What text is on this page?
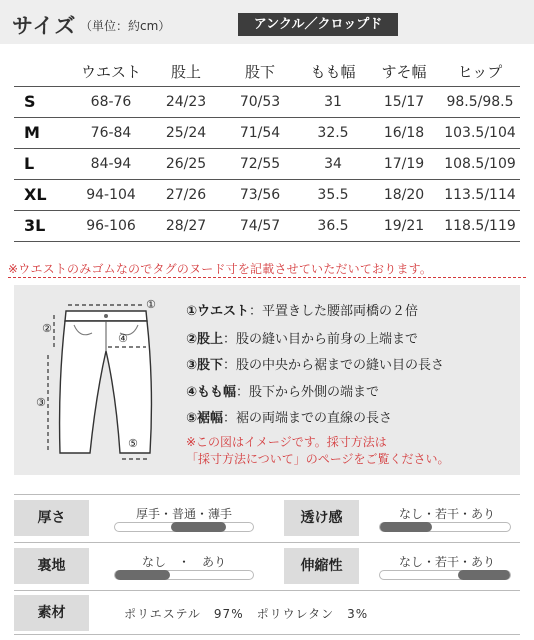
サイズ （単位：約cm）	アンクル／クロップド
	ウエスト	股上	股下	もも幅	すそ幅	ヒップ
S	68-76	24/23	70/53	31	15/17	98.5/98.5
M	76-84	25/24	71/54	32.5	16/18	103.5/104
L	84-94	26/25	72/55	34	17/19	108.5/109
XL	94-104	27/26	73/56	35.5	18/20	113.5/114
3L	96-106	28/27	74/57	36.5	19/21	118.5/119
※ウエストのみゴムなのでタグのヌード寸を記載させていただいております。
①
②
③
④
⑤
①ウエスト：平置きした腰部両橋の２倍
②股上：股の縫い目から前身の上端まで
③股下：股の中央から裾までの縫い目の長さ
④もも幅：股下から外側の端まで
⑤裾幅：裾の両端までの直線の長さ
※この図はイメージです。採寸方法は
「採寸方法について」のページをご覧ください。
厚さ	厚手・普通・薄手	透け感	なし・若干・あり
裏地	なし　・　あり	伸縮性	なし・若干・あり
素材	ポリエステル　97%　ポリウレタン　3%
